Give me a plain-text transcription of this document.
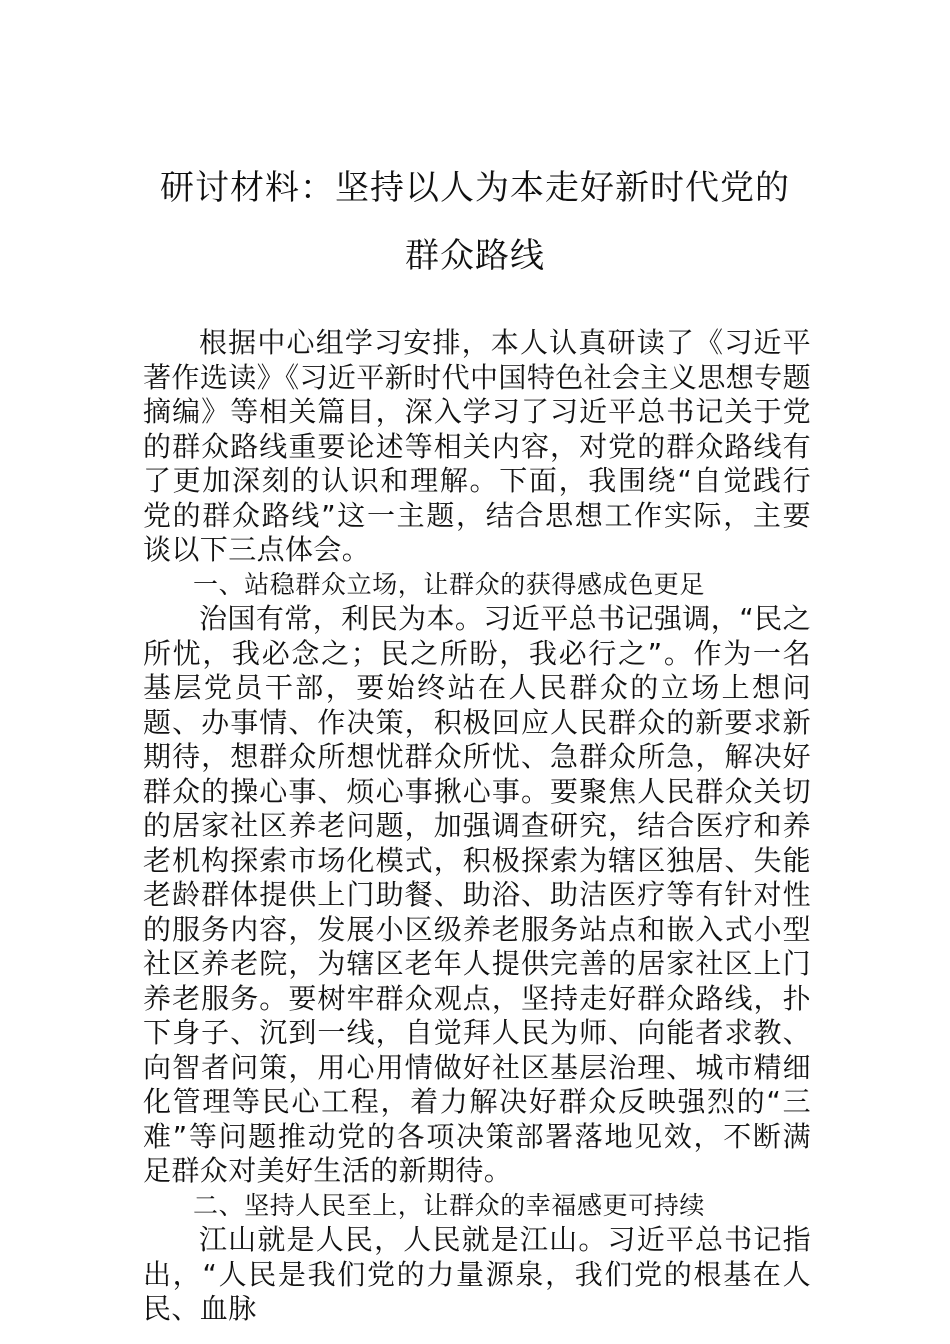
研讨材料：坚持以人为本走好新时代党的
群众路线

根据中心组学习安排，本人认真研读了《习近平著作选读》《习近平新时代中国特色社会主义思想专题摘编》等相关篇目，深入学习了习近平总书记关于党的群众路线重要论述等相关内容，对党的群众路线有了更加深刻的认识和理解。下面，我围绕“自觉践行党的群众路线”这一主题，结合思想工作实际，主要谈以下三点体会。

一、站稳群众立场，让群众的获得感成色更足

治国有常，利民为本。习近平总书记强调，“民之所忧，我必念之；民之所盼，我必行之”。作为一名基层党员干部，要始终站在人民群众的立场上想问题、办事情、作决策，积极回应人民群众的新要求新期待，想群众所想忧群众所忧、急群众所急，解决好群众的操心事、烦心事揪心事。要聚焦人民群众关切的居家社区养老问题，加强调查研究，结合医疗和养老机构探索市场化模式，积极探索为辖区独居、失能老龄群体提供上门助餐、助浴、助洁医疗等有针对性的服务内容，发展小区级养老服务站点和嵌入式小型社区养老院，为辖区老年人提供完善的居家社区上门养老服务。要树牢群众观点，坚持走好群众路线，扑下身子、沉到一线，自觉拜人民为师、向能者求教、向智者问策，用心用情做好社区基层治理、城市精细化管理等民心工程，着力解决好群众反映强烈的“三难”等问题推动党的各项决策部署落地见效，不断满足群众对美好生活的新期待。

二、坚持人民至上，让群众的幸福感更可持续

江山就是人民，人民就是江山。习近平总书记指出，“人民是我们党的力量源泉，我们党的根基在人民、血脉
